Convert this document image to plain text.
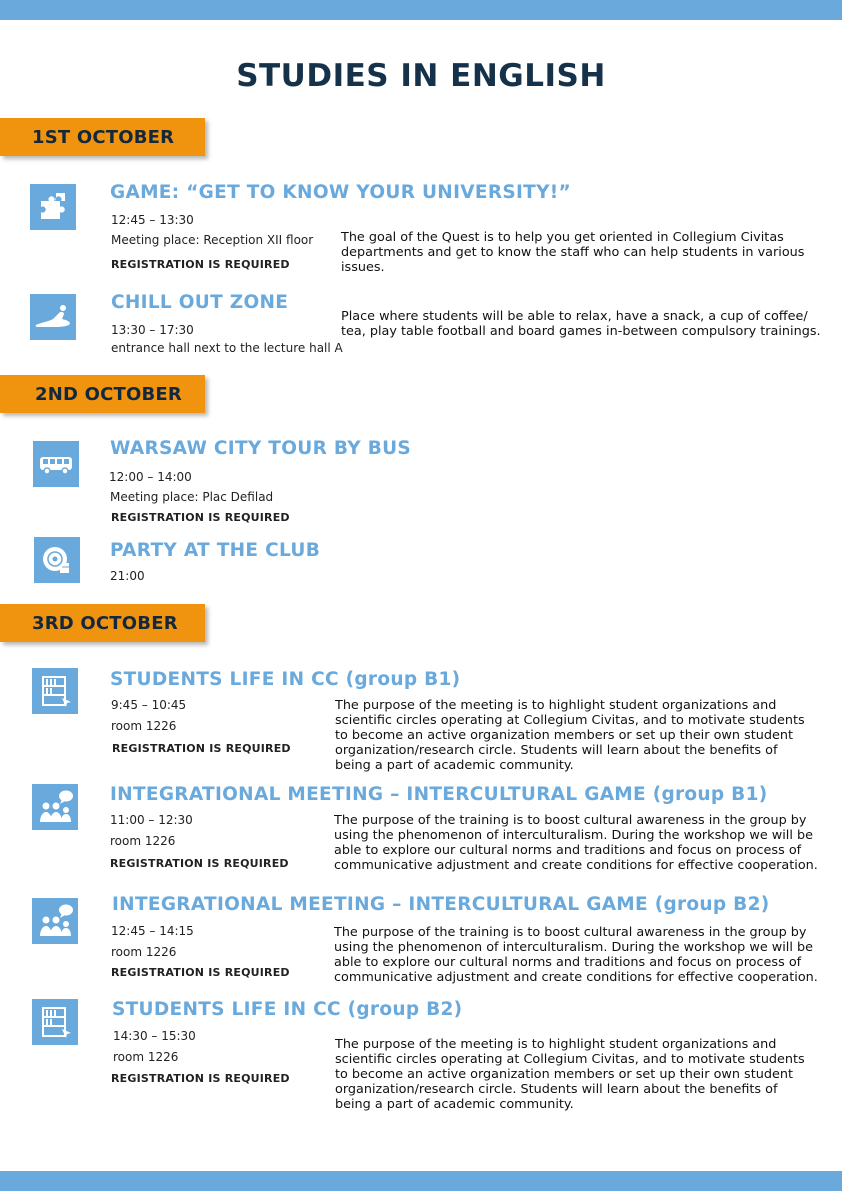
STUDIES IN ENGLISH
1ST OCTOBER
GAME: “GET TO KNOW YOUR UNIVERSITY!”
12:45 – 13:30
Meeting place: Reception XII floor
REGISTRATION IS REQUIRED
The goal of the Quest is to help you get oriented in Collegium Civitas departments and get to know the staff who can help students in various issues.
CHILL OUT ZONE
13:30 – 17:30
entrance hall next to the lecture hall A
Place where students will be able to relax, have a snack, a cup of coffee/ tea, play table football and board games in-between compulsory trainings.
2ND OCTOBER
WARSAW CITY TOUR BY BUS
12:00 – 14:00
Meeting place: Plac Defilad
REGISTRATION IS REQUIRED
PARTY AT THE CLUB
21:00
3RD OCTOBER
STUDENTS LIFE IN CC (group B1)
9:45 – 10:45
room 1226
REGISTRATION IS REQUIRED
The purpose of the meeting is to highlight student organizations and scientific circles operating at Collegium Civitas, and to motivate students to become an active organization members or set up their own student organization/research circle. Students will learn about the benefits of being a part of academic community.
INTEGRATIONAL MEETING – INTERCULTURAL GAME (group B1)
11:00 – 12:30
room 1226
REGISTRATION IS REQUIRED
The purpose of the training is to boost cultural awareness in the group by using the phenomenon of interculturalism. During the workshop we will be able to explore our cultural norms and traditions and focus on process of communicative adjustment and create conditions for effective cooperation.
INTEGRATIONAL MEETING – INTERCULTURAL GAME (group B2)
12:45 – 14:15
room 1226
REGISTRATION IS REQUIRED
The purpose of the training is to boost cultural awareness in the group by using the phenomenon of interculturalism. During the workshop we will be able to explore our cultural norms and traditions and focus on process of communicative adjustment and create conditions for effective cooperation.
STUDENTS LIFE IN CC (group B2)
14:30 – 15:30
room 1226
REGISTRATION IS REQUIRED
The purpose of the meeting is to highlight student organizations and scientific circles operating at Collegium Civitas, and to motivate students to become an active organization members or set up their own student organization/research circle. Students will learn about the benefits of being a part of academic community.
